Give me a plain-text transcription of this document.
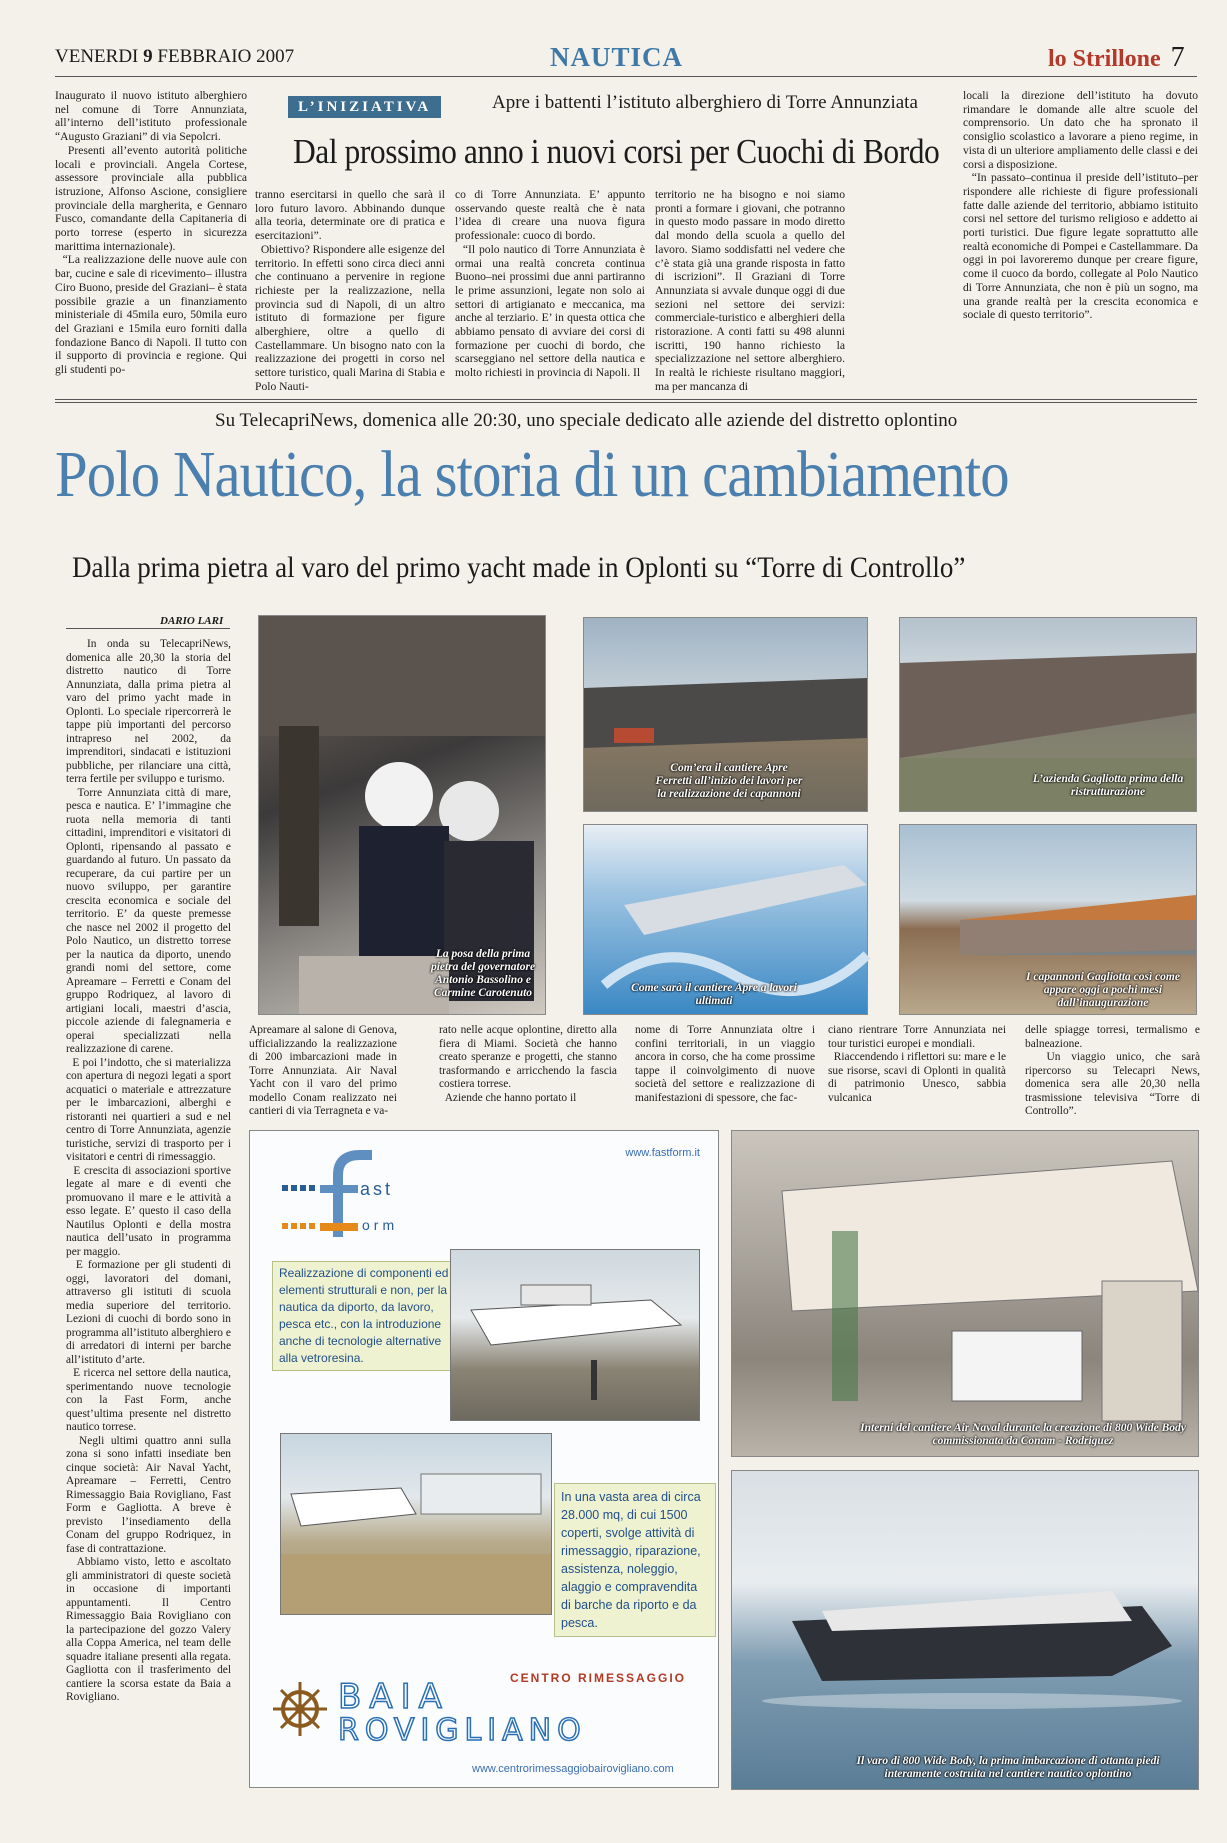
VENERDI 9 FEBBRAIO 2007	NAUTICA	lo Strillone 7
Inaugurato il nuovo istituto alberghiero nel comune di Torre Annunziata, all’interno dell’istituto professionale “Augusto Graziani” di via Sepolcri.
Presenti all’evento autorità politiche locali e provinciali. Angela Cortese, assessore provinciale alla pubblica istruzione, Alfonso Ascione, consigliere provinciale della margherita, e Gennaro Fusco, comandante della Capitaneria di porto torrese (esperto in sicurezza marittima internazionale).
“La realizzazione delle nuove aule con bar, cucine e sale di ricevimento– illustra Ciro Buono, preside del Graziani– è stata possibile grazie a un finanziamento ministeriale di 45mila euro, 50mila euro del Graziani e 15mila euro forniti dalla fondazione Banco di Napoli. Il tutto con il supporto di provincia e regione. Qui gli studenti po-
L’INIZIATIVA	Apre i battenti l’istituto alberghiero di Torre Annunziata
Dal prossimo anno i nuovi corsi per Cuochi di Bordo
tranno esercitarsi in quello che sarà il loro futuro lavoro. Abbinando dunque alla teoria, determinate ore di pratica e esercitazioni”.
Obiettivo? Rispondere alle esigenze del territorio. In effetti sono circa dieci anni che continuano a pervenire in regione richieste per la realizzazione, nella provincia sud di Napoli, di un altro istituto di formazione per figure alberghiere, oltre a quello di Castellammare. Un bisogno nato con la realizzazione dei progetti in corso nel settore turistico, quali Marina di Stabia e Polo Nauti-
co di Torre Annunziata. E’ appunto osservando queste realtà che è nata l’idea di creare una nuova figura professionale: cuoco di bordo.
“Il polo nautico di Torre Annunziata è ormai una realtà concreta continua Buono–nei prossimi due anni partiranno le prime assunzioni, legate non solo ai settori di artigianato e meccanica, ma anche al terziario. E’ in questa ottica che abbiamo pensato di avviare dei corsi di formazione per cuochi di bordo, che scarseggiano nel settore della nautica e molto richiesti in provincia di Napoli. Il
territorio ne ha bisogno e noi siamo pronti a formare i giovani, che potranno in questo modo passare in modo diretto dal mondo della scuola a quello del lavoro. Siamo soddisfatti nel vedere che c’è stata già una grande risposta in fatto di iscrizioni”. Il Graziani di Torre Annunziata si avvale dunque oggi di due sezioni nel settore dei servizi: commerciale-turistico e alberghieri della ristorazione. A conti fatti su 498 alunni iscritti, 190 hanno richiesto la specializzazione nel settore alberghiero. In realtà le richieste risultano maggiori, ma per mancanza di
locali la direzione dell’istituto ha dovuto rimandare le domande alle altre scuole del comprensorio. Un dato che ha spronato il consiglio scolastico a lavorare a pieno regime, in vista di un ulteriore ampliamento delle classi e dei corsi a disposizione.
“In passato–continua il preside dell’istituto–per rispondere alle richieste di figure professionali fatte dalle aziende del territorio, abbiamo istituito corsi nel settore del turismo religioso e addetto ai porti turistici. Due figure legate soprattutto alle realtà economiche di Pompei e Castellammare. Da oggi in poi lavoreremo dunque per creare figure, come il cuoco da bordo, collegate al Polo Nautico di Torre Annunziata, che non è più un sogno, ma una grande realtà per la crescita economica e sociale di questo territorio”.
Su TelecapriNews, domenica alle 20:30, uno speciale dedicato alle aziende del distretto oplontino
Polo Nautico, la storia di un cambiamento
Dalla prima pietra al varo del primo yacht made in Oplonti su “Torre di Controllo”
DARIO LARI
In onda su TelecapriNews, domenica alle 20,30 la storia del distretto nautico di Torre Annunziata, dalla prima pietra al varo del primo yacht made in Oplonti. Lo speciale ripercorrerà le tappe più importanti del percorso intrapreso nel 2002, da imprenditori, sindacati e istituzioni pubbliche, per rilanciare una città, terra fertile per sviluppo e turismo.
Torre Annunziata città di mare, pesca e nautica. E’ l’immagine che ruota nella memoria di tanti cittadini, imprenditori e visitatori di Oplonti, ripensando al passato e guardando al futuro. Un passato da recuperare, da cui partire per un nuovo sviluppo, per garantire crescita economica e sociale del territorio. E’ da queste premesse che nasce nel 2002 il progetto del Polo Nautico, un distretto torrese per la nautica da diporto, unendo grandi nomi del settore, come Apreamare – Ferretti e Conam del gruppo Rodriquez, al lavoro di artigiani locali, maestri d’ascia, piccole aziende di falegnameria e operai specializzati nella realizzazione di carene.
E poi l’indotto, che si materializza con apertura di negozi legati a sport acquatici o materiale e attrezzature per le imbarcazioni, alberghi e ristoranti nei quartieri a sud e nel centro di Torre Annunziata, agenzie turistiche, servizi di trasporto per i visitatori e centri di rimessaggio.
E crescita di associazioni sportive legate al mare e di eventi che promuovano il mare e le attività a esso legate. E’ questo il caso della Nautilus Oplonti e della mostra nautica dell’usato in programma per maggio.
E formazione per gli studenti di oggi, lavoratori del domani, attraverso gli istituti di scuola media superiore del territorio. Lezioni di cuochi di bordo sono in programma all’istituto alberghiero e di arredatori di interni per barche all’istituto d’arte.
E ricerca nel settore della nautica, sperimentando nuove tecnologie con la Fast Form, anche quest’ultima presente nel distretto nautico torrese.
Negli ultimi quattro anni sulla zona si sono infatti insediate ben cinque società: Air Naval Yacht, Apreamare – Ferretti, Centro Rimessaggio Baia Rovigliano, Fast Form e Gagliotta. A breve è previsto l’insediamento della Conam del gruppo Rodriquez, in fase di contrattazione.
Abbiamo visto, letto e ascoltato gli amministratori di queste società in occasione di importanti appuntamenti. Il Centro Rimessaggio Baia Rovigliano con la partecipazione del gozzo Valery alla Coppa America, nel team delle squadre italiane presenti alla regata. Gagliotta con il trasferimento del cantiere la scorsa estate da Baia a Rovigliano.
La posa della prima pietra del governatore Antonio Bassolino e Carmine Carotenuto
Com’era il cantiere Apre Ferretti all’inizio dei lavori per la realizzazione dei capannoni
L’azienda Gagliotta prima della ristrutturazione
Come sarà il cantiere Apre a lavori ultimati
I capannoni Gagliotta così come appare oggi a pochi mesi dall’inaugurazione
Apreamare al salone di Genova, ufficializzando la realizzazione di 200 imbarcazioni made in Torre Annunziata. Air Naval Yacht con il varo del primo modello Conam realizzato nei cantieri di via Terragneta e va-
rato nelle acque oplontine, diretto alla fiera di Miami. Società che hanno creato speranze e progetti, che stanno trasformando e arricchendo la fascia costiera torrese.
Aziende che hanno portato il
nome di Torre Annunziata oltre i confini territoriali, in un viaggio ancora in corso, che ha come prossime tappe il coinvolgimento di nuove società del settore e realizzazione di manifestazioni di spessore, che fac-
ciano rientrare Torre Annunziata nei tour turistici europei e mondiali.
Riaccendendo i riflettori su: mare e le sue risorse, scavi di Oplonti in qualità di patrimonio Unesco, sabbia vulcanica
delle spiagge torresi, termalismo e balneazione.
Un viaggio unico, che sarà ripercorso su Telecapri News, domenica sera alle 20,30 nella trasmissione televisiva “Torre di Controllo”.
www.fastform.it
ast
orm
Realizzazione di componenti ed elementi strutturali e non, per la nautica da diporto, da lavoro, pesca etc., con la introduzione anche di tecnologie alternative alla vetroresina.
In una vasta area di circa 28.000 mq, di cui 1500 coperti, svolge attività di rimessaggio, riparazione, assistenza, noleggio, alaggio e compravendita di barche da riporto e da pesca.
CENTRO RIMESSAGGIO
BAIA
ROVIGLIANO
www.centrorimessaggiobairovigliano.com
Interni del cantiere Air Naval durante la creazione di 800 Wide Body commissionata da Conam - Rodriguez
Il varo di 800 Wide Body, la prima imbarcazione di ottanta piedi interamente costruita nel cantiere nautico oplontino
